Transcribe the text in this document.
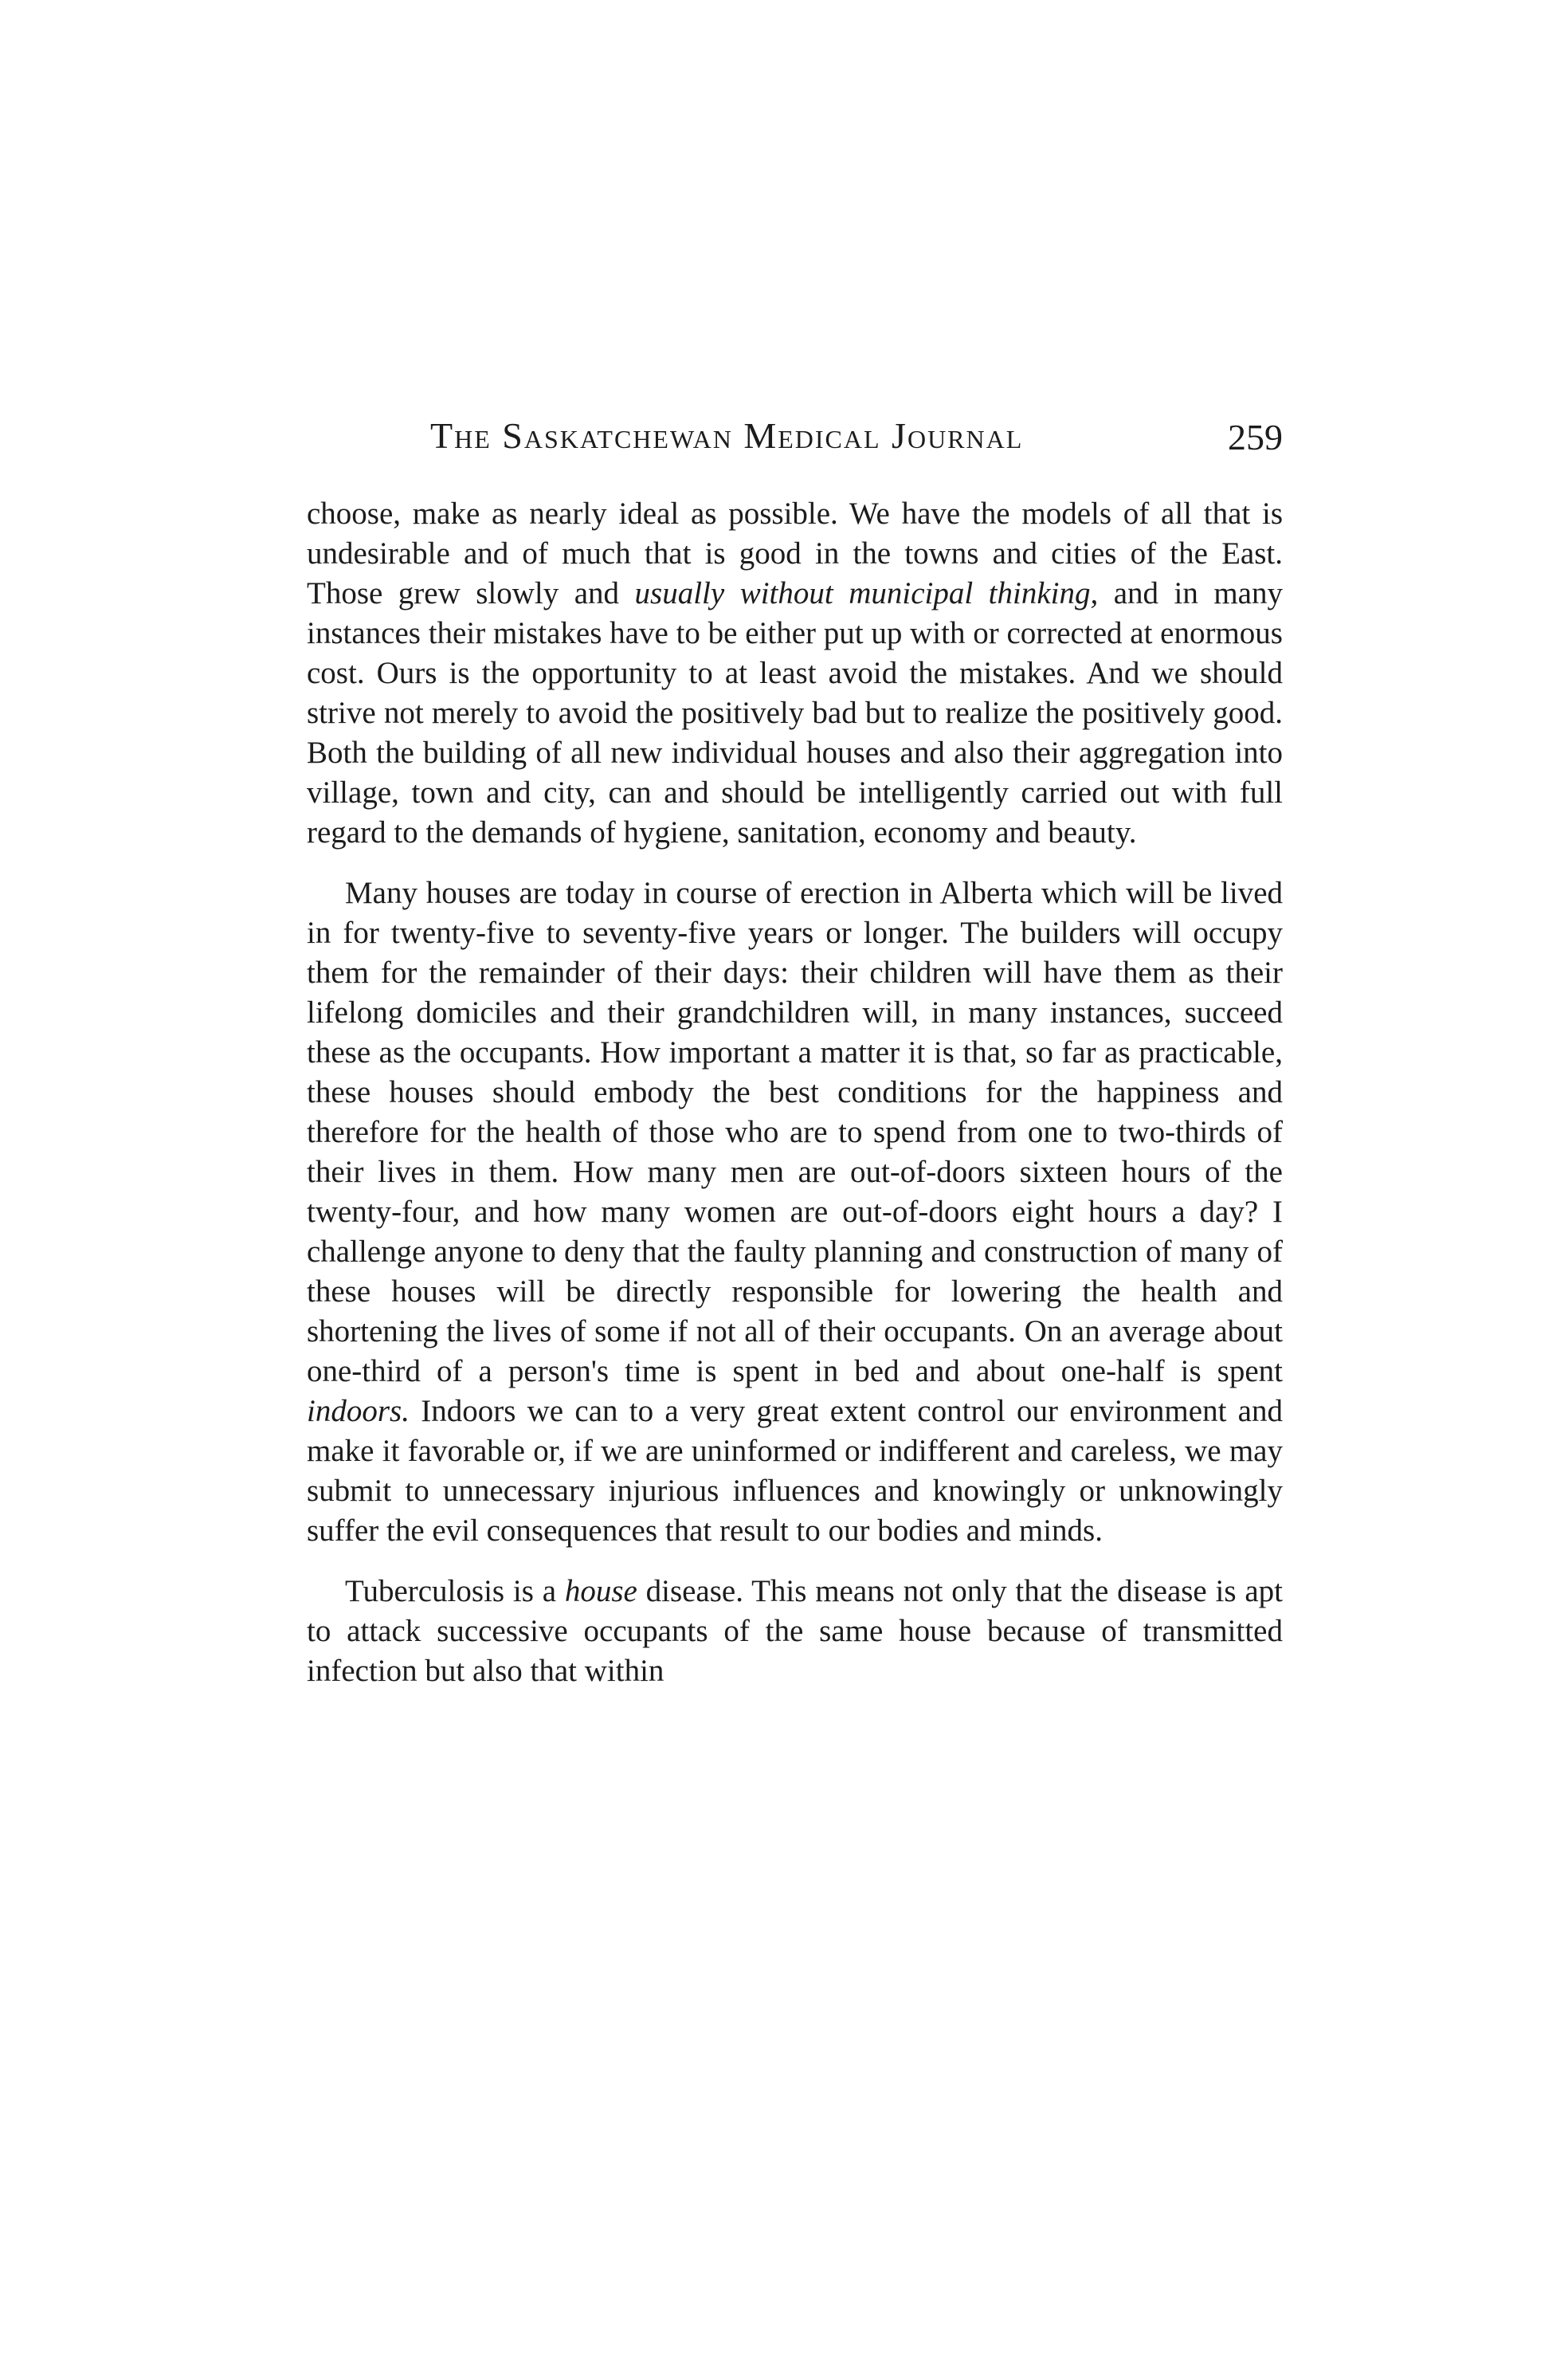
The Saskatchewan Medical Journal	259

choose, make as nearly ideal as possible. We have the models of all that is undesirable and of much that is good in the towns and cities of the East. Those grew slowly and usually without municipal thinking, and in many instances their mistakes have to be either put up with or corrected at enormous cost. Ours is the opportunity to at least avoid the mistakes. And we should strive not merely to avoid the positively bad but to realize the positively good. Both the building of all new individual houses and also their aggregation into village, town and city, can and should be intelligently carried out with full regard to the demands of hygiene, sanitation, economy and beauty.

Many houses are today in course of erection in Alberta which will be lived in for twenty-five to seventy-five years or longer. The builders will occupy them for the remainder of their days: their children will have them as their lifelong domiciles and their grandchildren will, in many instances, succeed these as the occupants. How important a matter it is that, so far as practicable, these houses should embody the best conditions for the happiness and therefore for the health of those who are to spend from one to two-thirds of their lives in them. How many men are out-of-doors sixteen hours of the twenty-four, and how many women are out-of-doors eight hours a day? I challenge anyone to deny that the faulty planning and construction of many of these houses will be directly responsible for lowering the health and shortening the lives of some if not all of their occupants. On an average about one-third of a person's time is spent in bed and about one-half is spent indoors. Indoors we can to a very great extent control our environment and make it favorable or, if we are uninformed or indifferent and careless, we may submit to unnecessary injurious influences and knowingly or unknowingly suffer the evil consequences that result to our bodies and minds.

Tuberculosis is a house disease. This means not only that the disease is apt to attack successive occupants of the same house because of transmitted infection but also that within
